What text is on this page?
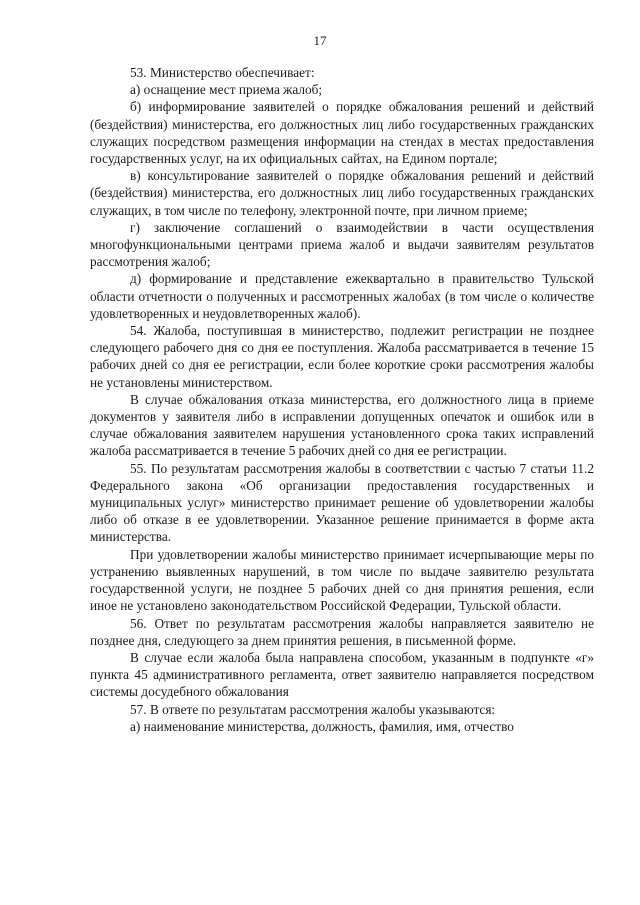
17

53. Министерство обеспечивает:

а) оснащение мест приема жалоб;

б) информирование заявителей о порядке обжалования решений и действий (бездействия) министерства, его должностных лиц либо государственных гражданских служащих посредством размещения информации на стендах в местах предоставления государственных услуг, на их официальных сайтах, на Едином портале;

в) консультирование заявителей о порядке обжалования решений и действий (бездействия) министерства, его должностных лиц либо государственных гражданских служащих, в том числе по телефону, электронной почте, при личном приеме;

г) заключение соглашений о взаимодействии в части осуществления многофункциональными центрами приема жалоб и выдачи заявителям результатов рассмотрения жалоб;

д) формирование и представление ежеквартально в правительство Тульской области отчетности о полученных и рассмотренных жалобах (в том числе о количестве удовлетворенных и неудовлетворенных жалоб).

54. Жалоба, поступившая в министерство, подлежит регистрации не позднее следующего рабочего дня со дня ее поступления. Жалоба рассматривается в течение 15 рабочих дней со дня ее регистрации, если более короткие сроки рассмотрения жалобы не установлены министерством.

В случае обжалования отказа министерства, его должностного лица в приеме документов у заявителя либо в исправлении допущенных опечаток и ошибок или в случае обжалования заявителем нарушения установленного срока таких исправлений жалоба рассматривается в течение 5 рабочих дней со дня ее регистрации.

55. По результатам рассмотрения жалобы в соответствии с частью 7 статьи 11.2 Федерального закона «Об организации предоставления государственных и муниципальных услуг» министерство принимает решение об удовлетворении жалобы либо об отказе в ее удовлетворении. Указанное решение принимается в форме акта министерства.

При удовлетворении жалобы министерство принимает исчерпывающие меры по устранению выявленных нарушений, в том числе по выдаче заявителю результата государственной услуги, не позднее 5 рабочих дней со дня принятия решения, если иное не установлено законодательством Российской Федерации, Тульской области.

56. Ответ по результатам рассмотрения жалобы направляется заявителю не позднее дня, следующего за днем принятия решения, в письменной форме.

В случае если жалоба была направлена способом, указанным в подпункте «г» пункта 45 административного регламента, ответ заявителю направляется посредством системы досудебного обжалования

57. В ответе по результатам рассмотрения жалобы указываются:

а) наименование министерства, должность, фамилия, имя, отчество
